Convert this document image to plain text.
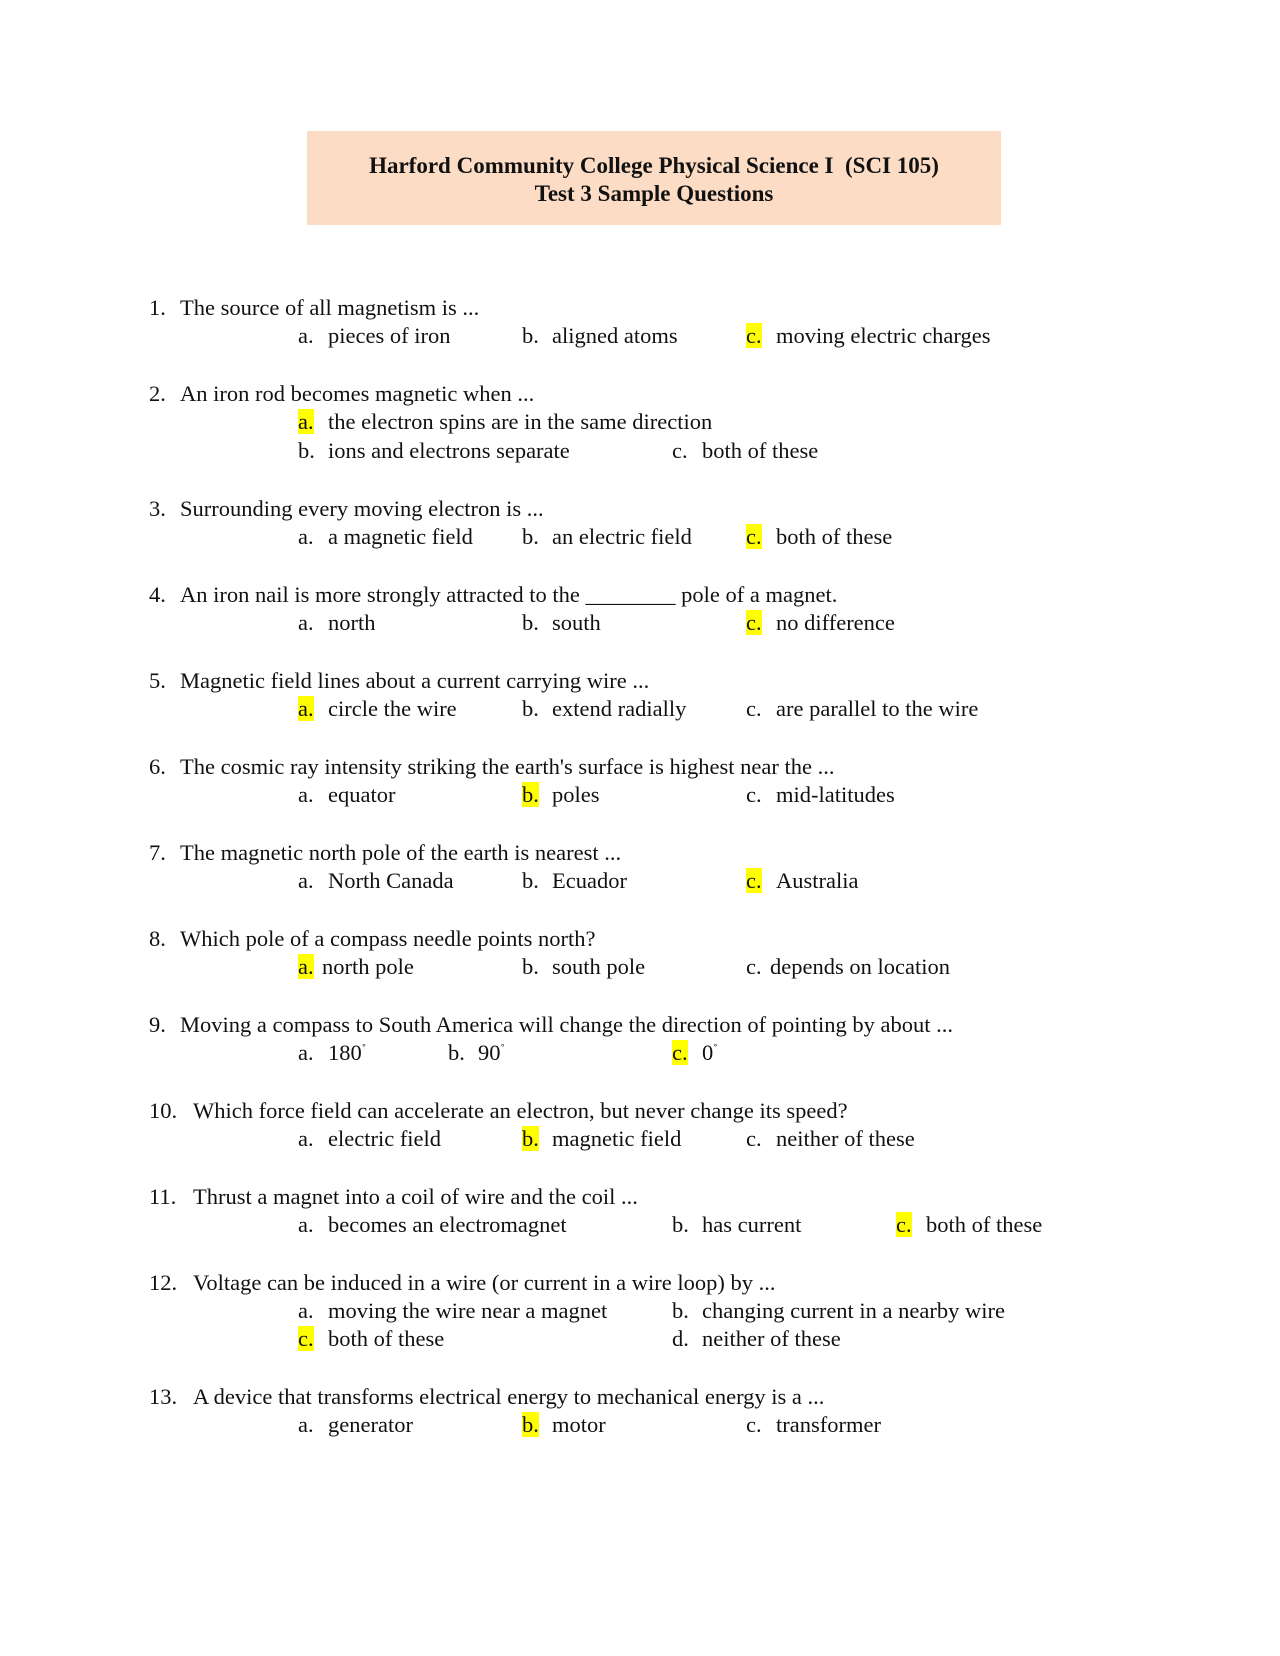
Harford Community College Physical Science I  (SCI 105)
Test 3 Sample Questions
1. The source of all magnetism is ...
a. pieces of iron	b. aligned atoms	c. moving electric charges
2. An iron rod becomes magnetic when ...
a. the electron spins are in the same direction
b. ions and electrons separate	c. both of these
3. Surrounding every moving electron is ...
a. a magnetic field b. an electric field c. both of these
4. An iron nail is more strongly attracted to the ________ pole of a magnet.
a. north	b. south	c. no difference
5. Magnetic field lines about a current carrying wire ...
a. circle the wire	b. extend radially	c. are parallel to the wire
6. The cosmic ray intensity striking the earth's surface is highest near the ...
a. equator	b. poles	c. mid-latitudes
7. The magnetic north pole of the earth is nearest ...
a. North Canada	b. Ecuador	c. Australia
8. Which pole of a compass needle points north?
a. north pole	b. south pole	c. depends on location
9. Moving a compass to South America will change the direction of pointing by about ...
a. 180˚	b. 90˚	c. 0˚
10. Which force field can accelerate an electron, but never change its speed?
a. electric field	b. magnetic field	c. neither of these
11. Thrust a magnet into a coil of wire and the coil ...
a. becomes an electromagnet	b. has current	c. both of these
12. Voltage can be induced in a wire (or current in a wire loop) by ...
a. moving the wire near a magnet	b. changing current in a nearby wire
c. both of these	d. neither of these
13. A device that transforms electrical energy to mechanical energy is a ...
a. generator	b. motor	c. transformer
